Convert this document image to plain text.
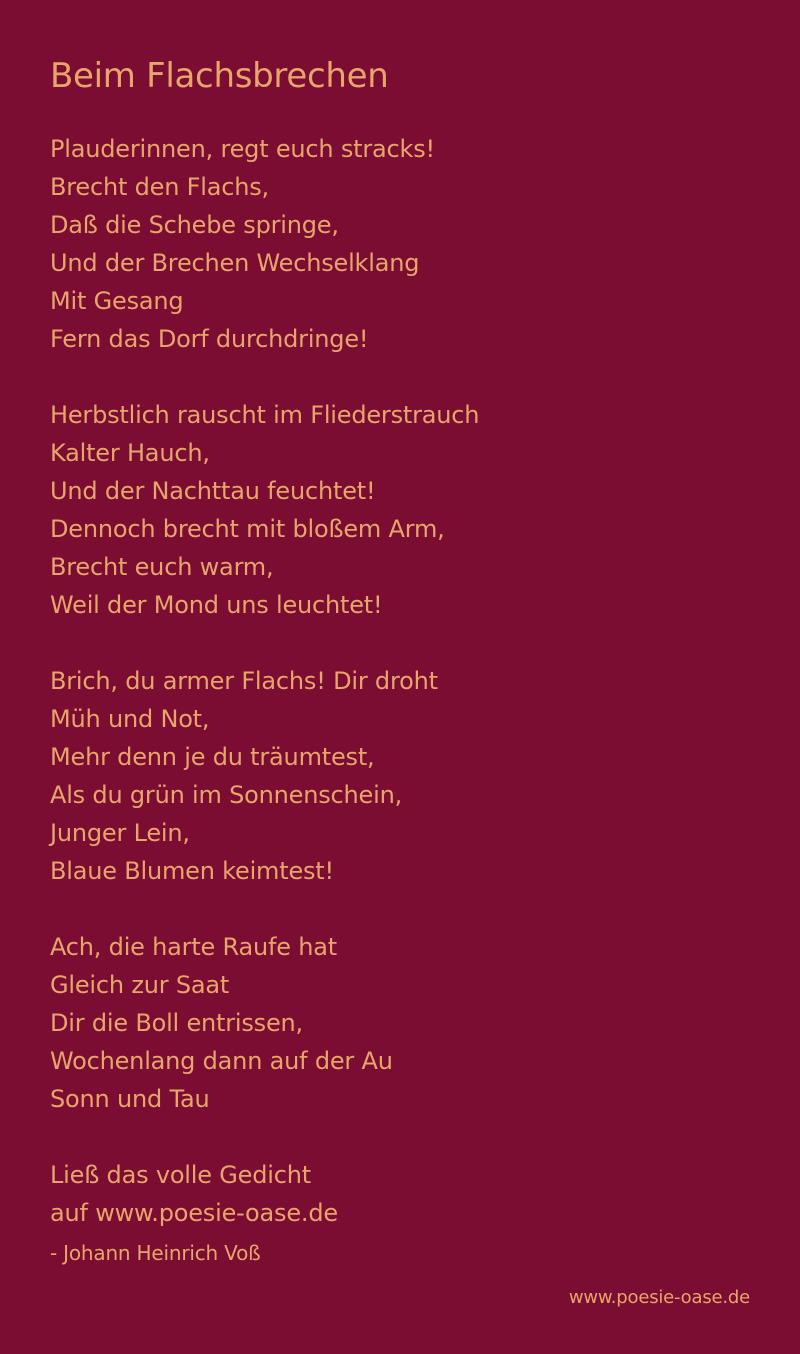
Beim Flachsbrechen
Plauderinnen, regt euch stracks!
Brecht den Flachs,
Daß die Schebe springe,
Und der Brechen Wechselklang
Mit Gesang
Fern das Dorf durchdringe!
Herbstlich rauscht im Fliederstrauch
Kalter Hauch,
Und der Nachttau feuchtet!
Dennoch brecht mit bloßem Arm,
Brecht euch warm,
Weil der Mond uns leuchtet!
Brich, du armer Flachs! Dir droht
Müh und Not,
Mehr denn je du träumtest,
Als du grün im Sonnenschein,
Junger Lein,
Blaue Blumen keimtest!
Ach, die harte Raufe hat
Gleich zur Saat
Dir die Boll entrissen,
Wochenlang dann auf der Au
Sonn und Tau
Ließ das volle Gedicht
auf www.poesie-oase.de
- Johann Heinrich Voß
www.poesie-oase.de
